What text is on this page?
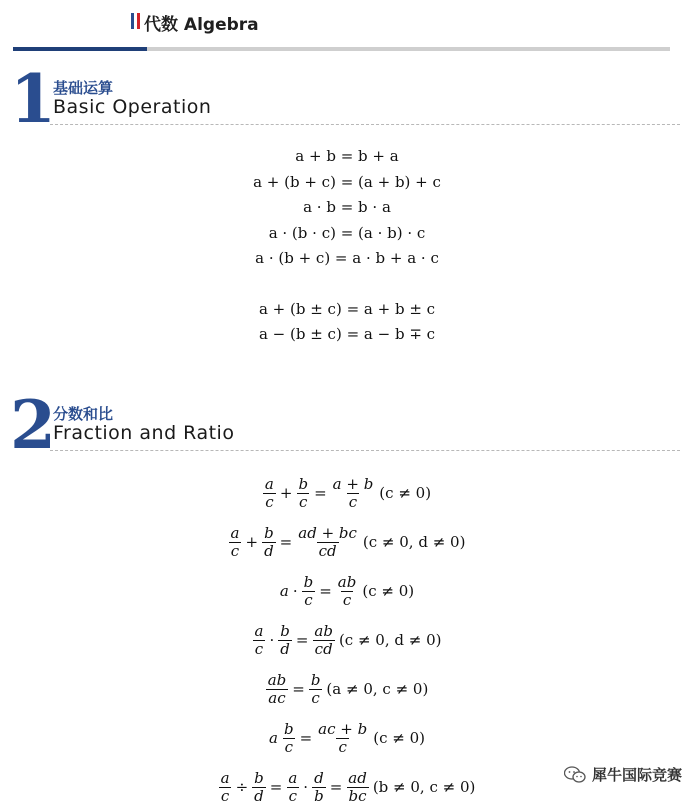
代数 Algebra
1
基础运算
Basic Operation
a + b = b + a
a + (b + c) = (a + b) + c
a · b = b · a
a · (b · c) = (a · b) · c
a · (b + c) = a · b + a · c
a + (b ± c) = a + b ± c
a − (b ± c) = a − b ∓ c
2
分数和比
Fraction and Ratio
$\frac{a}{c} + \frac{b}{c} = \frac{a + b}{c} (c \ne 0)$
$\frac{a}{c} + \frac{b}{d} = \frac{ad + bc}{cd} (c \ne 0$, d ≠ 0)
$a \cdot \frac{b}{c} = \frac{ab}{c} (c \ne 0)$
$\frac{a}{c} \cdot \frac{b}{d} = \frac{ab}{cd} (c \ne 0$, d ≠ 0)
$\frac{ab}{ac} = \frac{b}{c} (a \ne 0$, c ≠ 0)
a $\frac{b}{c} = \frac{ac + b}{c} (c \ne 0)$
$\frac{a}{c} \div \frac{b}{d} = \frac{a}{c} \cdot \frac{d}{b} = \frac{ad}{bc} (b \ne 0$, c ≠ 0)
犀牛国际竞赛
